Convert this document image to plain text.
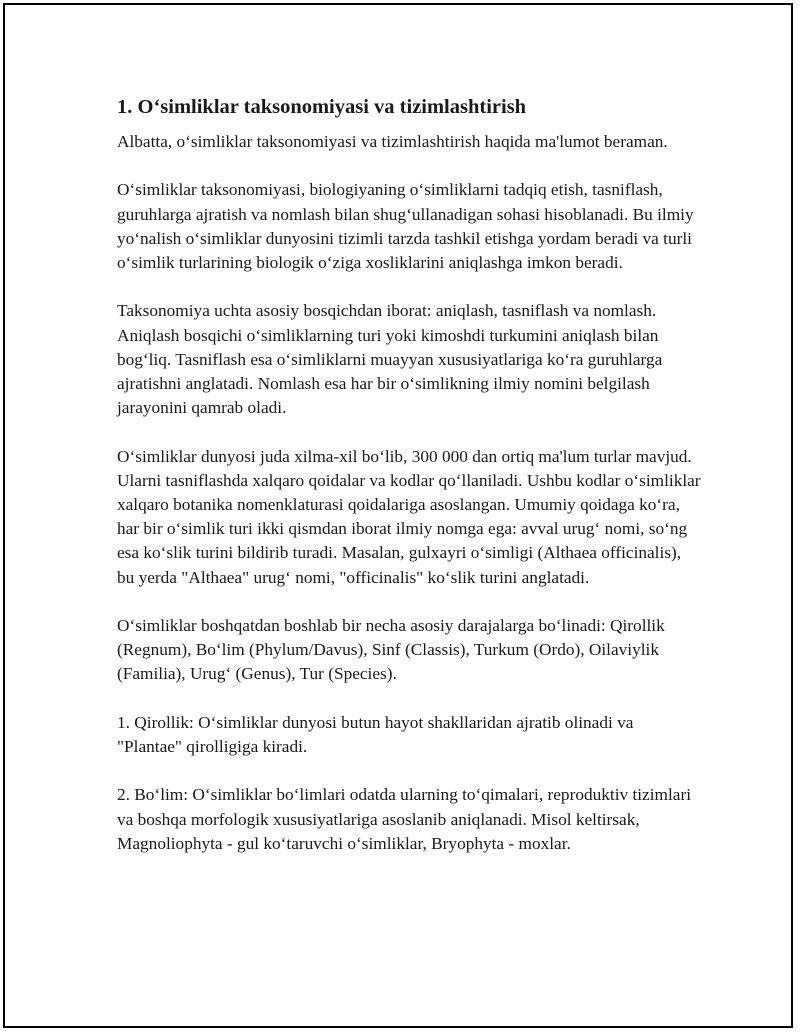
1. O‘simliklar taksonomiyasi va tizimlashtirish

Albatta, o‘simliklar taksonomiyasi va tizimlashtirish haqida ma'lumot beraman.

O‘simliklar taksonomiyasi, biologiyaning o‘simliklarni tadqiq etish, tasniflash, guruhlarga ajratish va nomlash bilan shug‘ullanadigan sohasi hisoblanadi. Bu ilmiy yo‘nalish o‘simliklar dunyosini tizimli tarzda tashkil etishga yordam beradi va turli o‘simlik turlarining biologik o‘ziga xosliklarini aniqlashga imkon beradi.

Taksonomiya uchta asosiy bosqichdan iborat: aniqlash, tasniflash va nomlash. Aniqlash bosqichi o‘simliklarning turi yoki kimoshdi turkumini aniqlash bilan bog‘liq. Tasniflash esa o‘simliklarni muayyan xususiyatlariga ko‘ra guruhlarga ajratishni anglatadi. Nomlash esa har bir o‘simlikning ilmiy nomini belgilash jarayonini qamrab oladi.

O‘simliklar dunyosi juda xilma-xil bo‘lib, 300 000 dan ortiq ma'lum turlar mavjud. Ularni tasniflashda xalqaro qoidalar va kodlar qo‘llaniladi. Ushbu kodlar o‘simliklar xalqaro botanika nomenklaturasi qoidalariga asoslangan. Umumiy qoidaga ko‘ra, har bir o‘simlik turi ikki qismdan iborat ilmiy nomga ega: avval urug‘ nomi, so‘ng esa ko‘slik turini bildirib turadi. Masalan, gulxayri o‘simligi (Althaea officinalis), bu yerda "Althaea" urug‘ nomi, "officinalis" ko‘slik turini anglatadi.

O‘simliklar boshqatdan boshlab bir necha asosiy darajalarga bo‘linadi: Qirollik (Regnum), Bo‘lim (Phylum/Davus), Sinf (Classis), Turkum (Ordo), Oilaviylik (Familia), Urug‘ (Genus), Tur (Species).

1. Qirollik: O‘simliklar dunyosi butun hayot shakllaridan ajratib olinadi va "Plantae" qirolligiga kiradi.

2. Bo‘lim: O‘simliklar bo‘limlari odatda ularning to‘qimalari, reproduktiv tizimlari va boshqa morfologik xususiyatlariga asoslanib aniqlanadi. Misol keltirsak, Magnoliophyta - gul ko‘taruvchi o‘simliklar, Bryophyta - moxlar.
